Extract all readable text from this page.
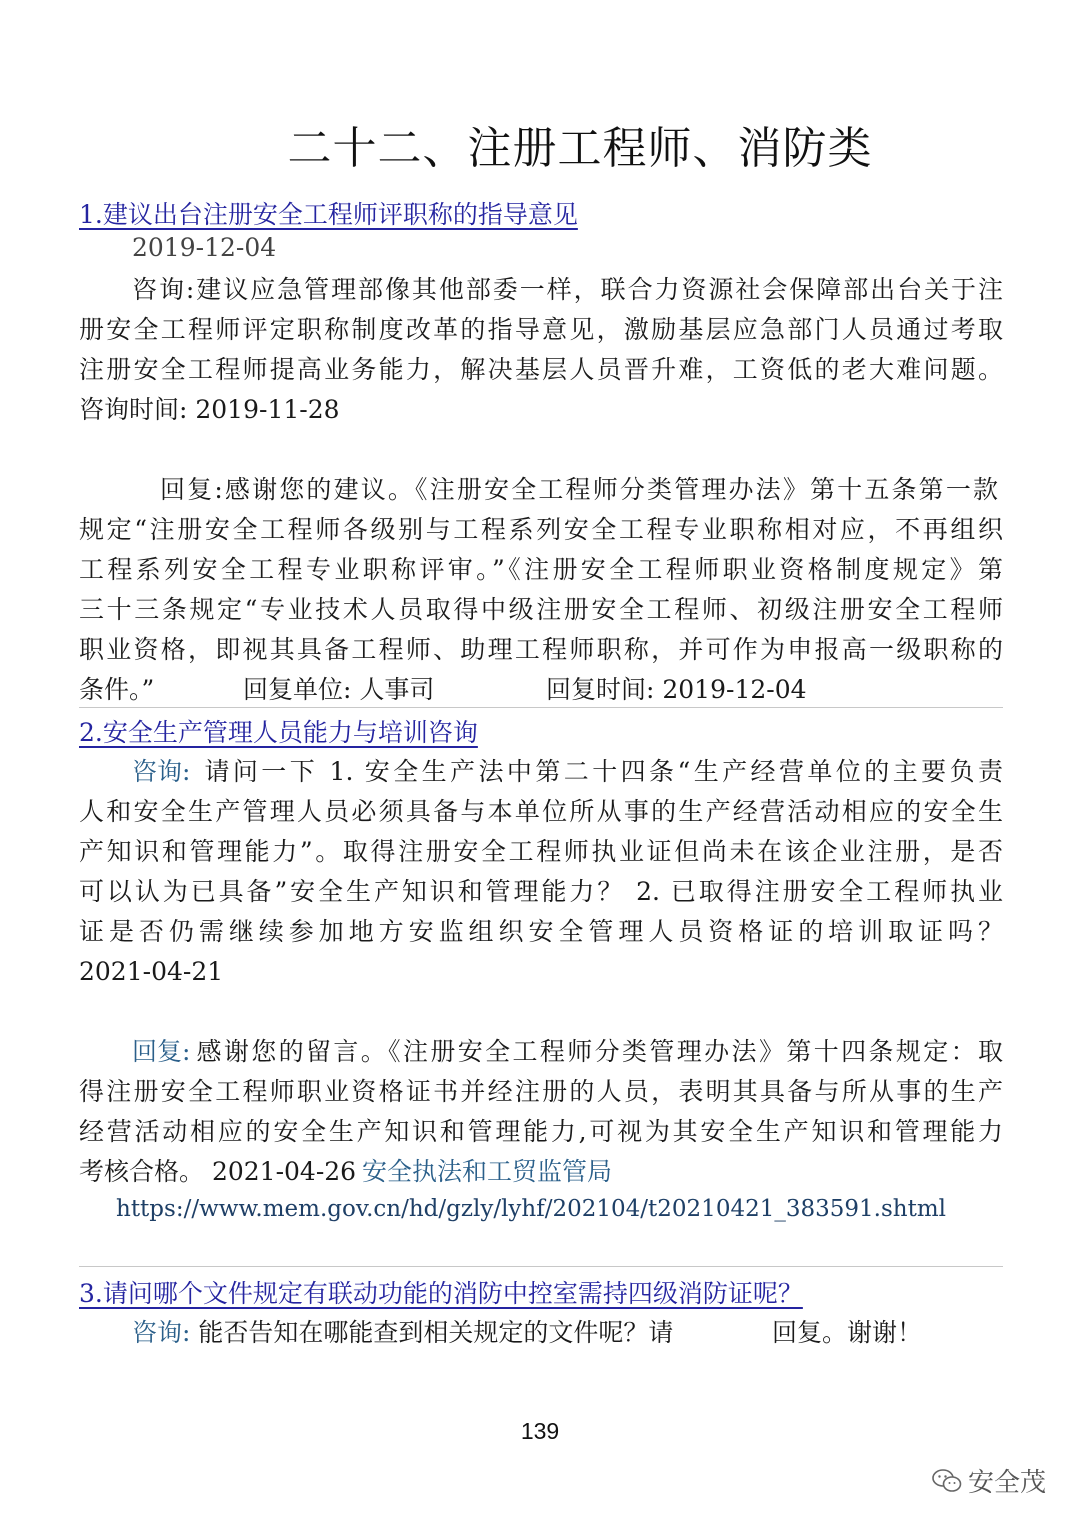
二十二、注册工程师、消防类
1.建议出台注册安全工程师评职称的指导意见
2019-12-04
咨询:建议应急管理部像其他部委一样，联合力资源社会保障部出台关于注
册安全工程师评定职称制度改革的指导意见，激励基层应急部门人员通过考取
注册安全工程师提高业务能力，解决基层人员晋升难，工资低的老大难问题。
咨询时间: 2019-11-28
回复:感谢您的建议。《注册安全工程师分类管理办法》第十五条第一款
规定“注册安全工程师各级别与工程系列安全工程专业职称相对应，不再组织
工程系列安全工程专业职称评审。”《注册安全工程师职业资格制度规定》第
三十三条规定“专业技术人员取得中级注册安全工程师、初级注册安全工程师
职业资格，即视其具备工程师、助理工程师职称，并可作为申报高一级职称的
条件。”	回复单位: 人事司	回复时间: 2019-12-04
2.安全生产管理人员能力与培训咨询
咨询: 请问一下 1. 安全生产法中第二十四条“生产经营单位的主要负责
人和安全生产管理人员必须具备与本单位所从事的生产经营活动相应的安全生
产知识和管理能力”。取得注册安全工程师执业证但尚未在该企业注册，是否
可以认为已具备”安全生产知识和管理能力？ 2. 已取得注册安全工程师执业
证是否仍需继续参加地方安监组织安全管理人员资格证的培训取证吗？
2021-04-21
回复: 感谢您的留言。《注册安全工程师分类管理办法》第十四条规定：取
得注册安全工程师职业资格证书并经注册的人员，表明其具备与所从事的生产
经营活动相应的安全生产知识和管理能力,可视为其安全生产知识和管理能力
考核合格。 2021-04-26 安全执法和工贸监管局
https://www.mem.gov.cn/hd/gzly/lyhf/202104/t20210421_383591.shtml
3.请问哪个文件规定有联动功能的消防中控室需持四级消防证呢？
咨询: 能否告知在哪能查到相关规定的文件呢？请	回复。谢谢！
139
安全茂
